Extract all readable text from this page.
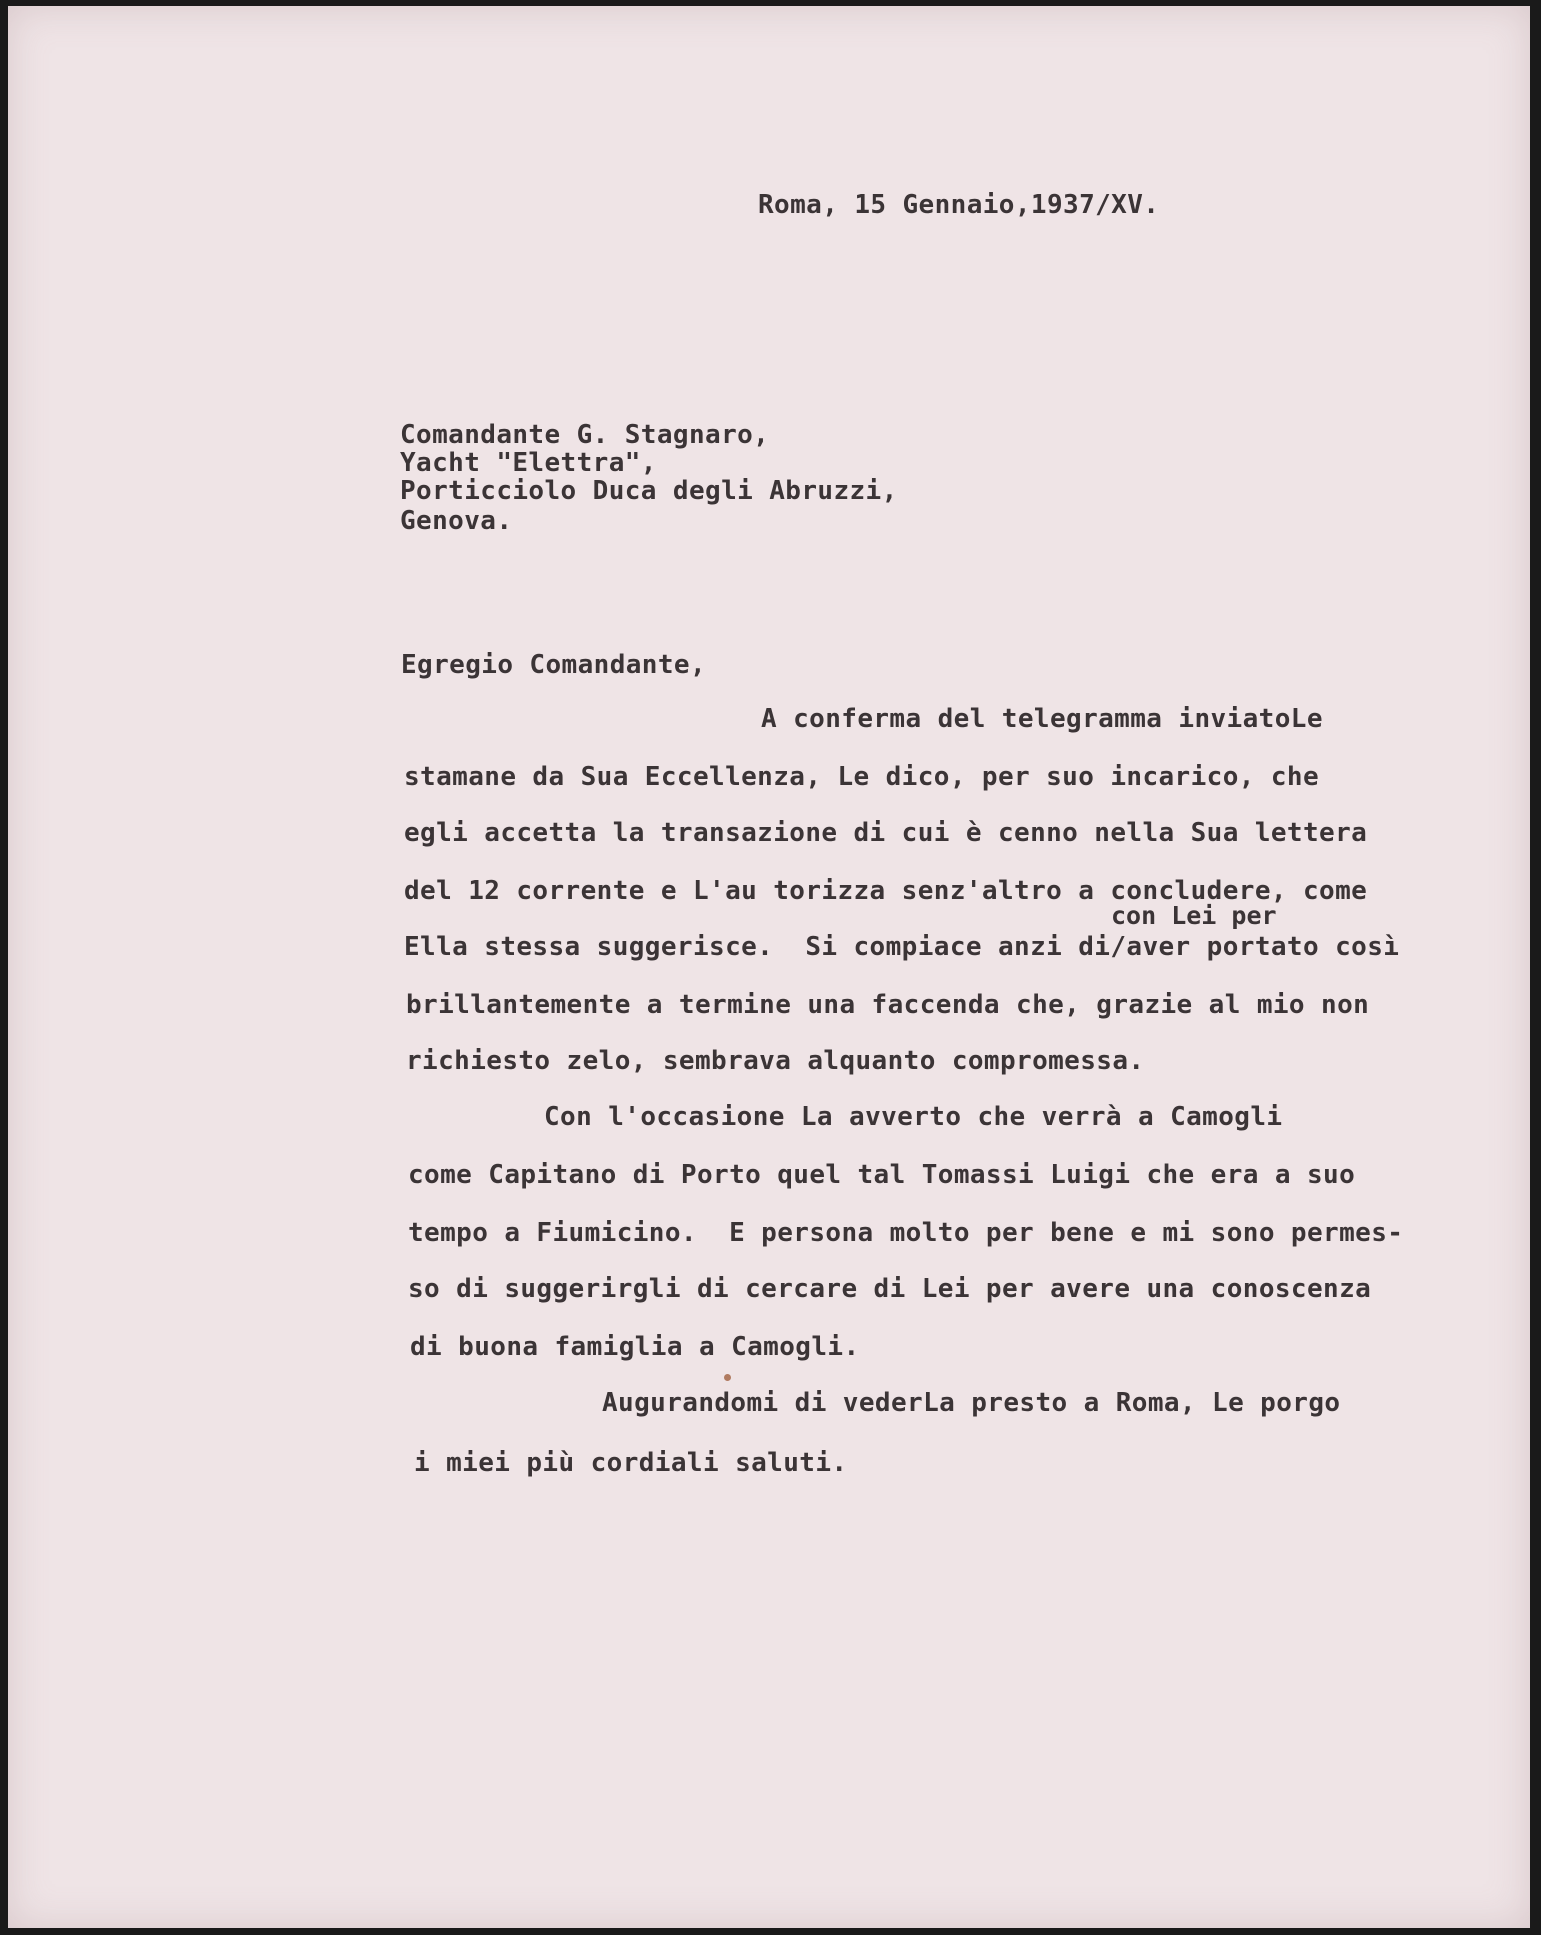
Roma, 15 Gennaio,1937/XV.
Comandante G. Stagnaro,
Yacht "Elettra",
Porticciolo Duca degli Abruzzi,
Genova.
Egregio Comandante,
A conferma del telegramma inviatoLe
stamane da Sua Eccellenza, Le dico, per suo incarico, che
egli accetta la transazione di cui è cenno nella Sua lettera
del 12 corrente e L'au torizza senz'altro a concludere, come
con Lei per
Ella stessa suggerisce.  Si compiace anzi di/aver portato così
brillantemente a termine una faccenda che, grazie al mio non
richiesto zelo, sembrava alquanto compromessa.
Con l'occasione La avverto che verrà a Camogli
come Capitano di Porto quel tal Tomassi Luigi che era a suo
tempo a Fiumicino.  E persona molto per bene e mi sono permes-
so di suggerirgli di cercare di Lei per avere una conoscenza
di buona famiglia a Camogli.
Augurandomi di vederLa presto a Roma, Le porgo
i miei più cordiali saluti.
